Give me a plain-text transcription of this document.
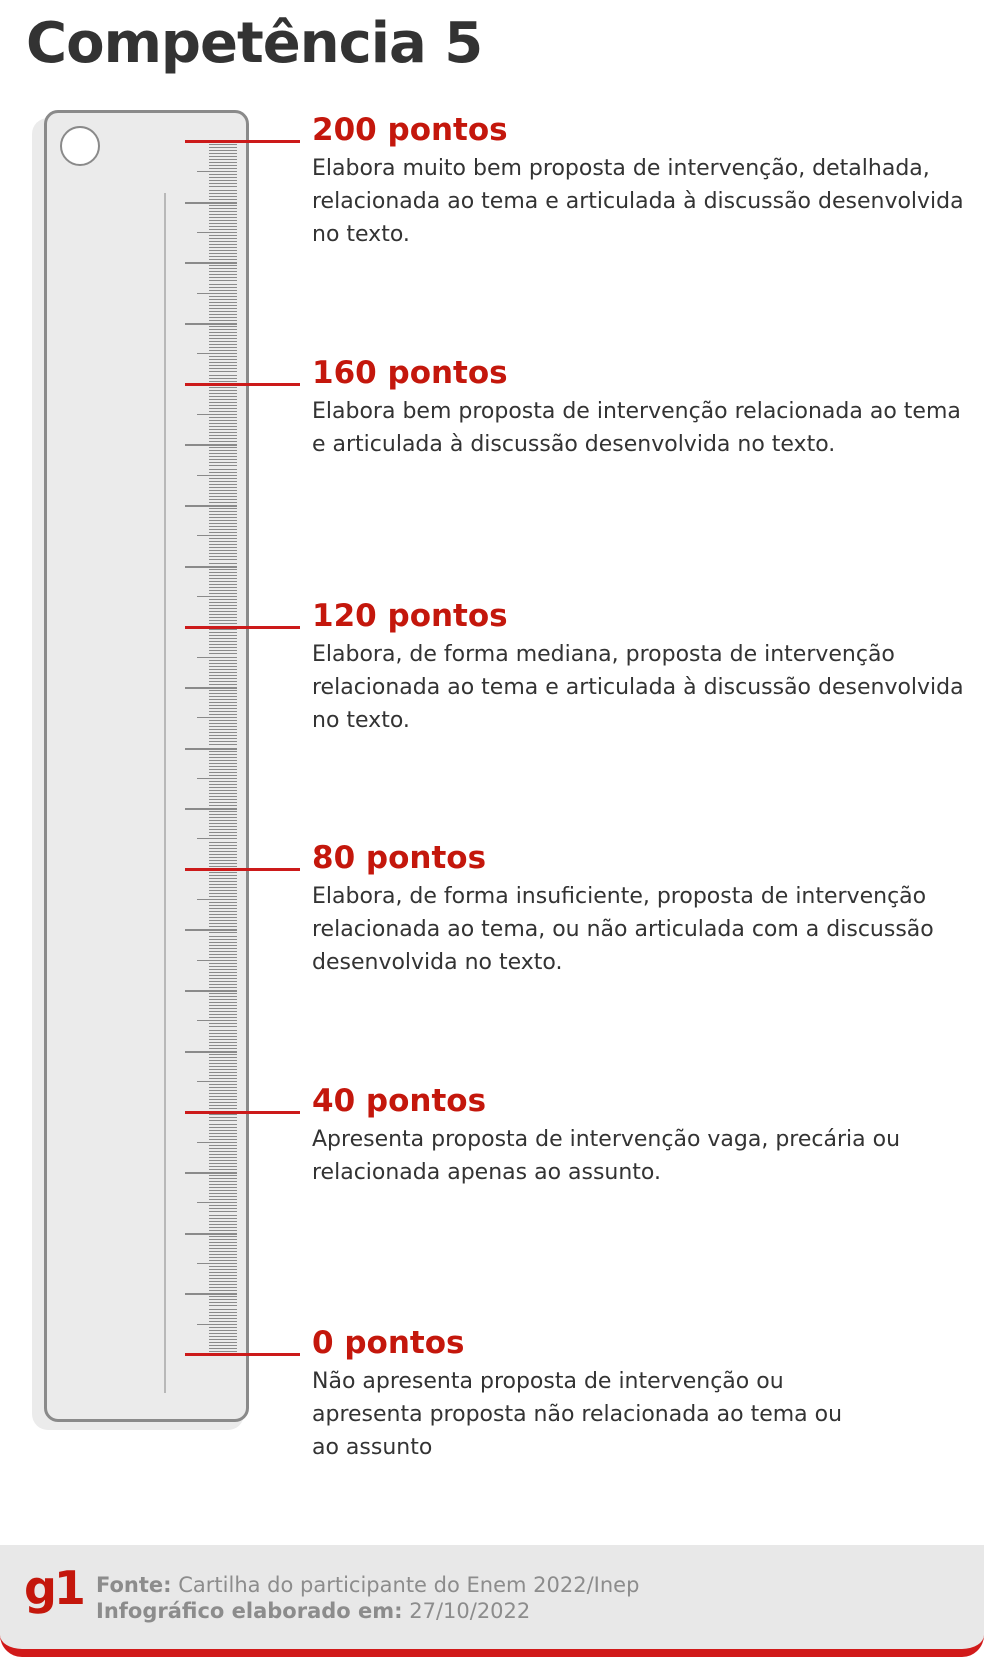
Competência 5
200 pontos
Elabora muito bem proposta de intervenção, detalhada, relacionada ao tema e articulada à discussão desenvolvida no texto.
160 pontos
Elabora bem proposta de intervenção relacionada ao tema e articulada à discussão desenvolvida no texto.
120 pontos
Elabora, de forma mediana, proposta de intervenção relacionada ao tema e articulada à discussão desenvolvida no texto.
80 pontos
Elabora, de forma insuficiente, proposta de intervenção relacionada ao tema, ou não articulada com a discussão desenvolvida no texto.
40 pontos
Apresenta proposta de intervenção vaga, precária ou relacionada apenas ao assunto.
0 pontos
Não apresenta proposta de intervenção ou apresenta proposta não relacionada ao tema ou ao assunto
g1 Fonte: Cartilha do participante do Enem 2022/Inep
Infográfico elaborado em: 27/10/2022
